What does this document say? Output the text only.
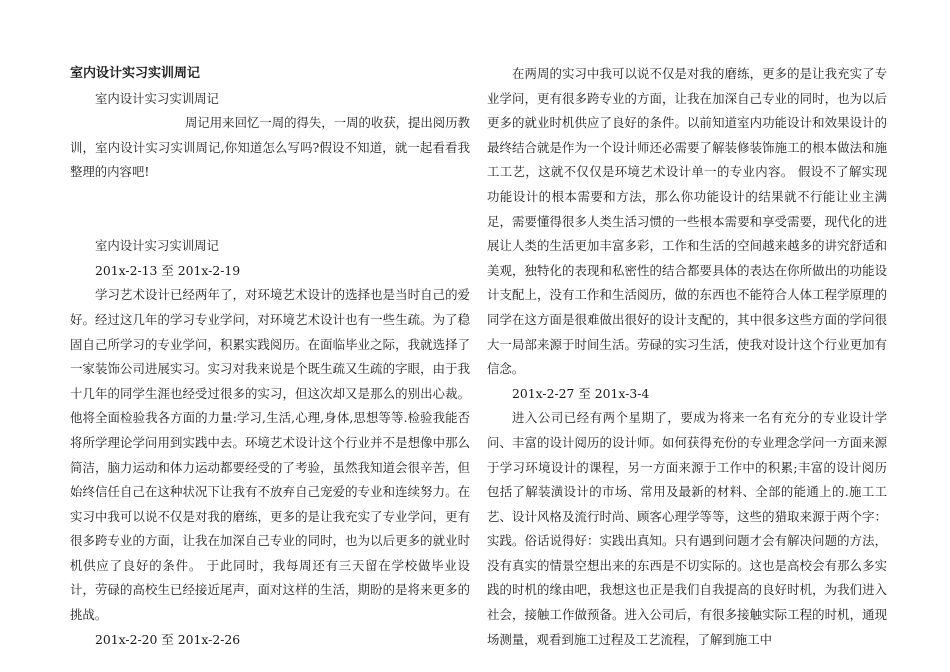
室内设计实习实训周记

室内设计实习实训周记

周记用来回忆一周的得失，一周的收获，提出阅历教训，室内设计实习实训周记,你知道怎么写吗?假设不知道，就一起看看我整理的内容吧!

室内设计实习实训周记

201x-2-13 至 201x-2-19

学习艺术设计已经两年了，对环境艺术设计的选择也是当时自己的爱好。经过这几年的学习专业学问，对环境艺术设计也有一些生疏。为了稳固自己所学习的专业学问，积累实践阅历。在面临毕业之际，我就选择了一家装饰公司进展实习。实习对我来说是个既生疏又生疏的字眼，由于我十几年的同学生涯也经受过很多的实习，但这次却又是那么的别出心裁。他将全面检验我各方面的力量:学习,生活,心理,身体,思想等等.检验我能否将所学理论学问用到实践中去。环境艺术设计这个行业并不是想像中那么简洁，脑力运动和体力运动都要经受的了考验，虽然我知道会很辛苦，但始终信任自己在这种状况下让我有不放弃自己宠爱的专业和连续努力。在实习中我可以说不仅是对我的磨练，更多的是让我充实了专业学问，更有很多跨专业的方面，让我在加深自己专业的同时，也为以后更多的就业时机供应了良好的条件。 于此同时，我每周还有三天留在学校做毕业设计，劳碌的高校生已经接近尾声，面对这样的生活，期盼的是将来更多的挑战。

201x-2-20 至 201x-2-26

在两周的实习中我可以说不仅是对我的磨练，更多的是让我充实了专业学问，更有很多跨专业的方面，让我在加深自己专业的同时，也为以后更多的就业时机供应了良好的条件。以前知道室内功能设计和效果设计的最终结合就是作为一个设计师还必需要了解装修装饰施工的根本做法和施工工艺，这就不仅仅是环境艺术设计单一的专业内容。 假设不了解实现功能设计的根本需要和方法，那么你功能设计的结果就不行能让业主满足，需要懂得很多人类生活习惯的一些根本需要和享受需要，现代化的进展让人类的生活更加丰富多彩，工作和生活的空间越来越多的讲究舒适和美观，独特化的表现和私密性的结合都要具体的表达在你所做出的功能设计支配上，没有工作和生活阅历，做的东西也不能符合人体工程学原理的同学在这方面是很难做出很好的设计支配的，其中很多这些方面的学问很大一局部来源于时间生活。劳碌的实习生活，使我对设计这个行业更加有信念。

201x-2-27 至 201x-3-4

进入公司已经有两个星期了，要成为将来一名有充分的专业设计学问、丰富的设计阅历的设计师。如何获得充份的专业理念学问一方面来源于学习环境设计的课程，另一方面来源于工作中的积累;丰富的设计阅历包括了解装潢设计的市场、常用及最新的材料、全部的能通上的.施工工艺、设计风格及流行时尚、顾客心理学等等，这些的猎取来源于两个字：实践。俗话说得好：实践出真知。只有遇到问题才会有解决问题的方法，没有真实的情景空想出来的东西是不切实际的。这也是高校会有那么多实践的时机的缘由吧，我想这也正是我们自我提高的良好时机，为我们进入社会，接触工作做预备。进入公司后，有很多接触实际工程的时机，通现场测量，观看到施工过程及工艺流程，了解到施工中
